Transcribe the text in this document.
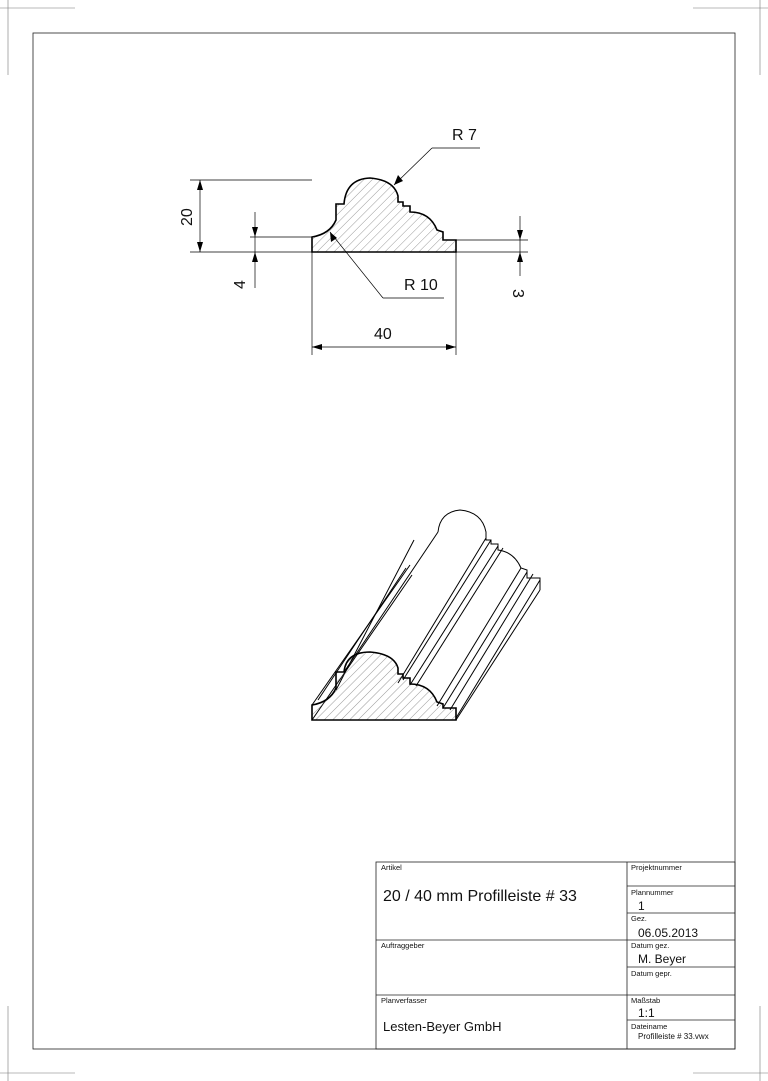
R 7
R 10
20
4
3
40
Artikel
20 / 40 mm Profilleiste # 33
Projektnummer
Plannummer
1
Gez.
06.05.2013
Auftraggeber	Datum gez.
M. Beyer
Datum gepr.
Planverfasser
Lesten-Beyer GmbH
Maßstab
1:1
Dateiname
Profilleiste # 33.vwx
